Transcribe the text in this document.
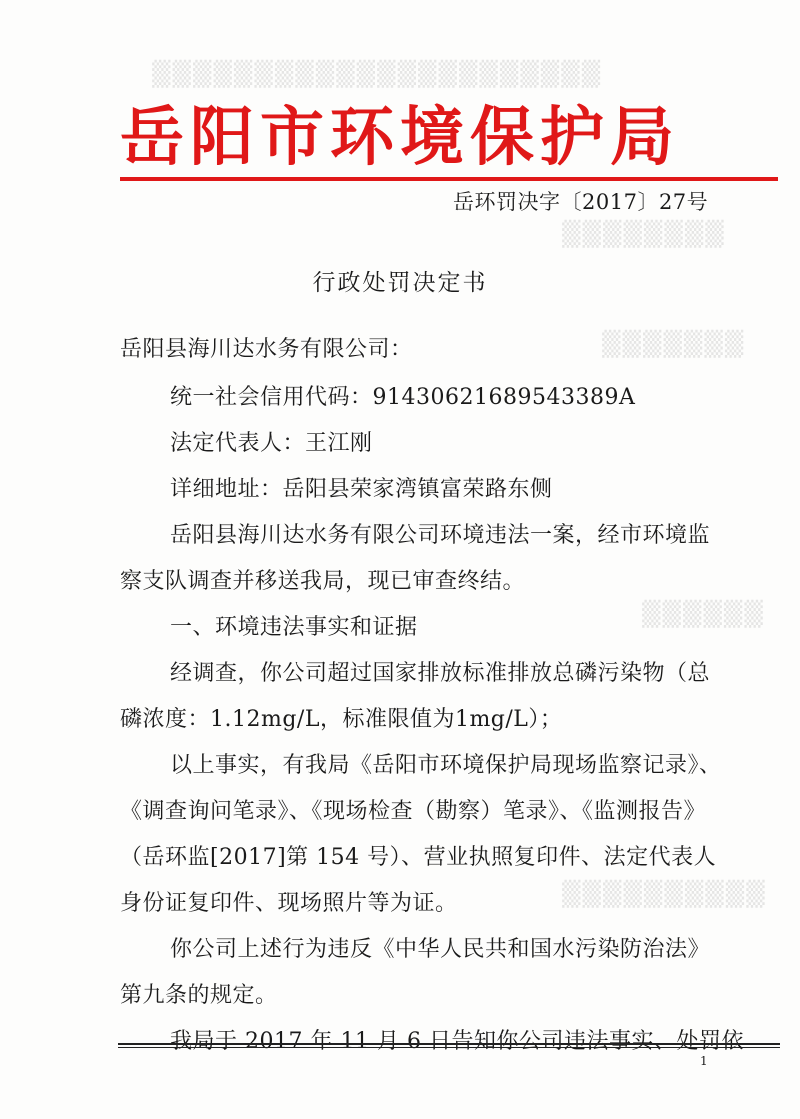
▒▒▒▒▒▒▒▒▒▒▒▒▒▒▒▒▒▒▒▒▒▒
▒▒▒▒▒▒▒▒
▒▒▒▒▒▒▒
▒▒▒▒▒▒
▒▒▒▒▒▒▒▒▒▒
岳阳市环境保护局
岳环罚决字〔2017〕27号
行政处罚决定书
岳阳县海川达水务有限公司：
统一社会信用代码：91430621689543389A
法定代表人：王江刚
详细地址：岳阳县荣家湾镇富荣路东侧
岳阳县海川达水务有限公司环境违法一案，经市环境监
察支队调查并移送我局，现已审查终结。
一、环境违法事实和证据
经调查，你公司超过国家排放标准排放总磷污染物（总
磷浓度：1.12mg/L，标准限值为1mg/L）；
以上事实，有我局《岳阳市环境保护局现场监察记录》、
《调查询问笔录》、《现场检查（勘察）笔录》、《监测报告》
（岳环监[2017]第 154 号）、营业执照复印件、法定代表人
身份证复印件、现场照片等为证。
你公司上述行为违反《中华人民共和国水污染防治法》
第九条的规定。
我局于 2017 年 11 月 6 日告知你公司违法事实、处罚依
1
